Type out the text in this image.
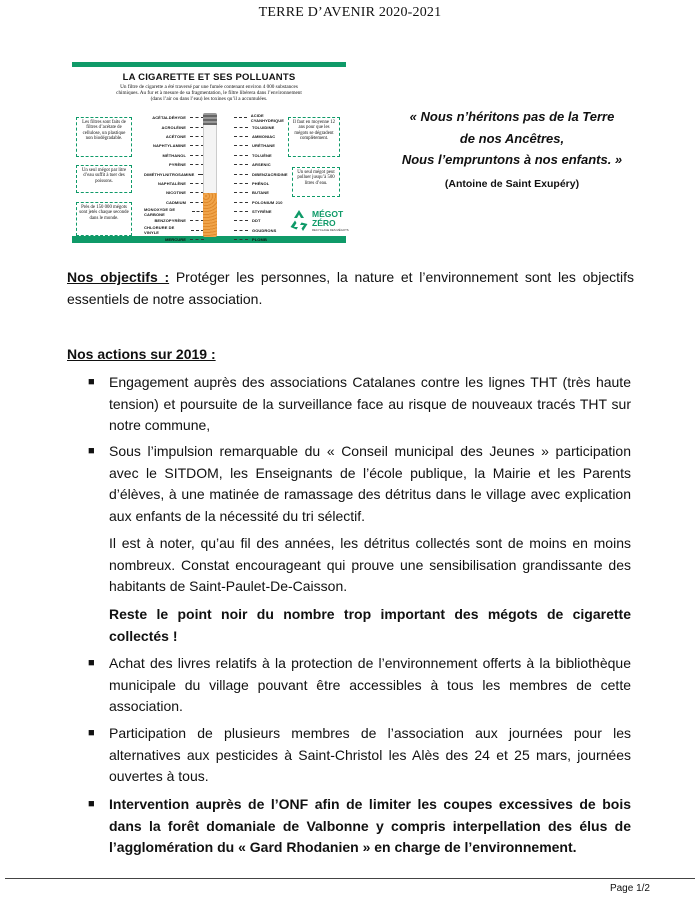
TERRE D’AVENIR 2020-2021
LA CIGARETTE ET SES POLLUANTS
Un filtre de cigarette a été traversé par une fumée contenant environ 4 000 substances chimiques. Au fur et à mesure de sa fragmentation, le filtre libérera dans l’environnement (dans l’air ou dans l’eau) les toxines qu’il a accumulées.
Les filtres sont faits de filtres d’acétate de cellulose, un plastique non biodégradable.
Un seul mégot par litre d’eau suffit à tuer des poissons.
Près de 150 000 mégots sont jetés chaque seconde dans le monde.
Il faut en moyenne 12 ans pour que les mégots se dégradent complètement.
Un seul mégot peut polluer jusqu’à 500 litres d’eau.
ACÉTALDÉHYDE
ACROLÉINE
ACÉTONE
NAPHTYLAMINE
MÉTHANOL
PYRÈNE
DIMÉTHYLNITROSAMINE
NAPHTALÈNE
NICOTINE
CADMIUM
MONOXYDE DE CARBONE
BENZOPYRÈNE
CHLORURE DE VINYLE
MERCURE
ACIDE CYANHYDRIQUE
TOLUIDINE
AMMONIAC
URÉTHANE
TOLUÈNE
ARSENIC
DIBENZACRIDINE
PHÉNOL
BUTANE
POLONIUM 210
STYRÈNE
DDT
GOUDRONS
PLOMB
MÉGOT
ZÉRO
RECYCLAGE DES MÉGOTS
« Nous n’héritons pas de la Terre
de nos Ancêtres,
Nous l’empruntons à nos enfants. »
(Antoine de Saint Exupéry)
Nos objectifs : Protéger les personnes, la nature et l’environnement sont les objectifs essentiels de notre association.
Nos actions sur 2019 :
■ Engagement auprès des associations Catalanes contre les lignes THT (très haute tension) et poursuite de la surveillance face au risque de nouveaux tracés THT sur notre commune,
■ Sous l’impulsion remarquable du « Conseil municipal des Jeunes » participation avec le SITDOM, les Enseignants de l’école publique, la Mairie et les Parents d’élèves, à une matinée de ramassage des détritus dans le village avec explication aux enfants de la nécessité du tri sélectif.
Il est à noter, qu’au fil des années, les détritus collectés sont de moins en moins nombreux. Constat encourageant qui prouve une sensibilisation grandissante des habitants de Saint-Paulet-De-Caisson.
Reste le point noir du nombre trop important des mégots de cigarette collectés !
■ Achat des livres relatifs à la protection de l’environnement offerts à la bibliothèque municipale du village pouvant être accessibles à tous les membres de cette association.
■ Participation de plusieurs membres de l’association aux journées pour les alternatives aux pesticides à Saint-Christol les Alès des 24 et 25 mars, journées ouvertes à tous.
■ Intervention auprès de l’ONF afin de limiter les coupes excessives de bois dans la forêt domaniale de Valbonne y compris interpellation des élus de l’agglomération du « Gard Rhodanien » en charge de l’environnement.
Page 1/2
